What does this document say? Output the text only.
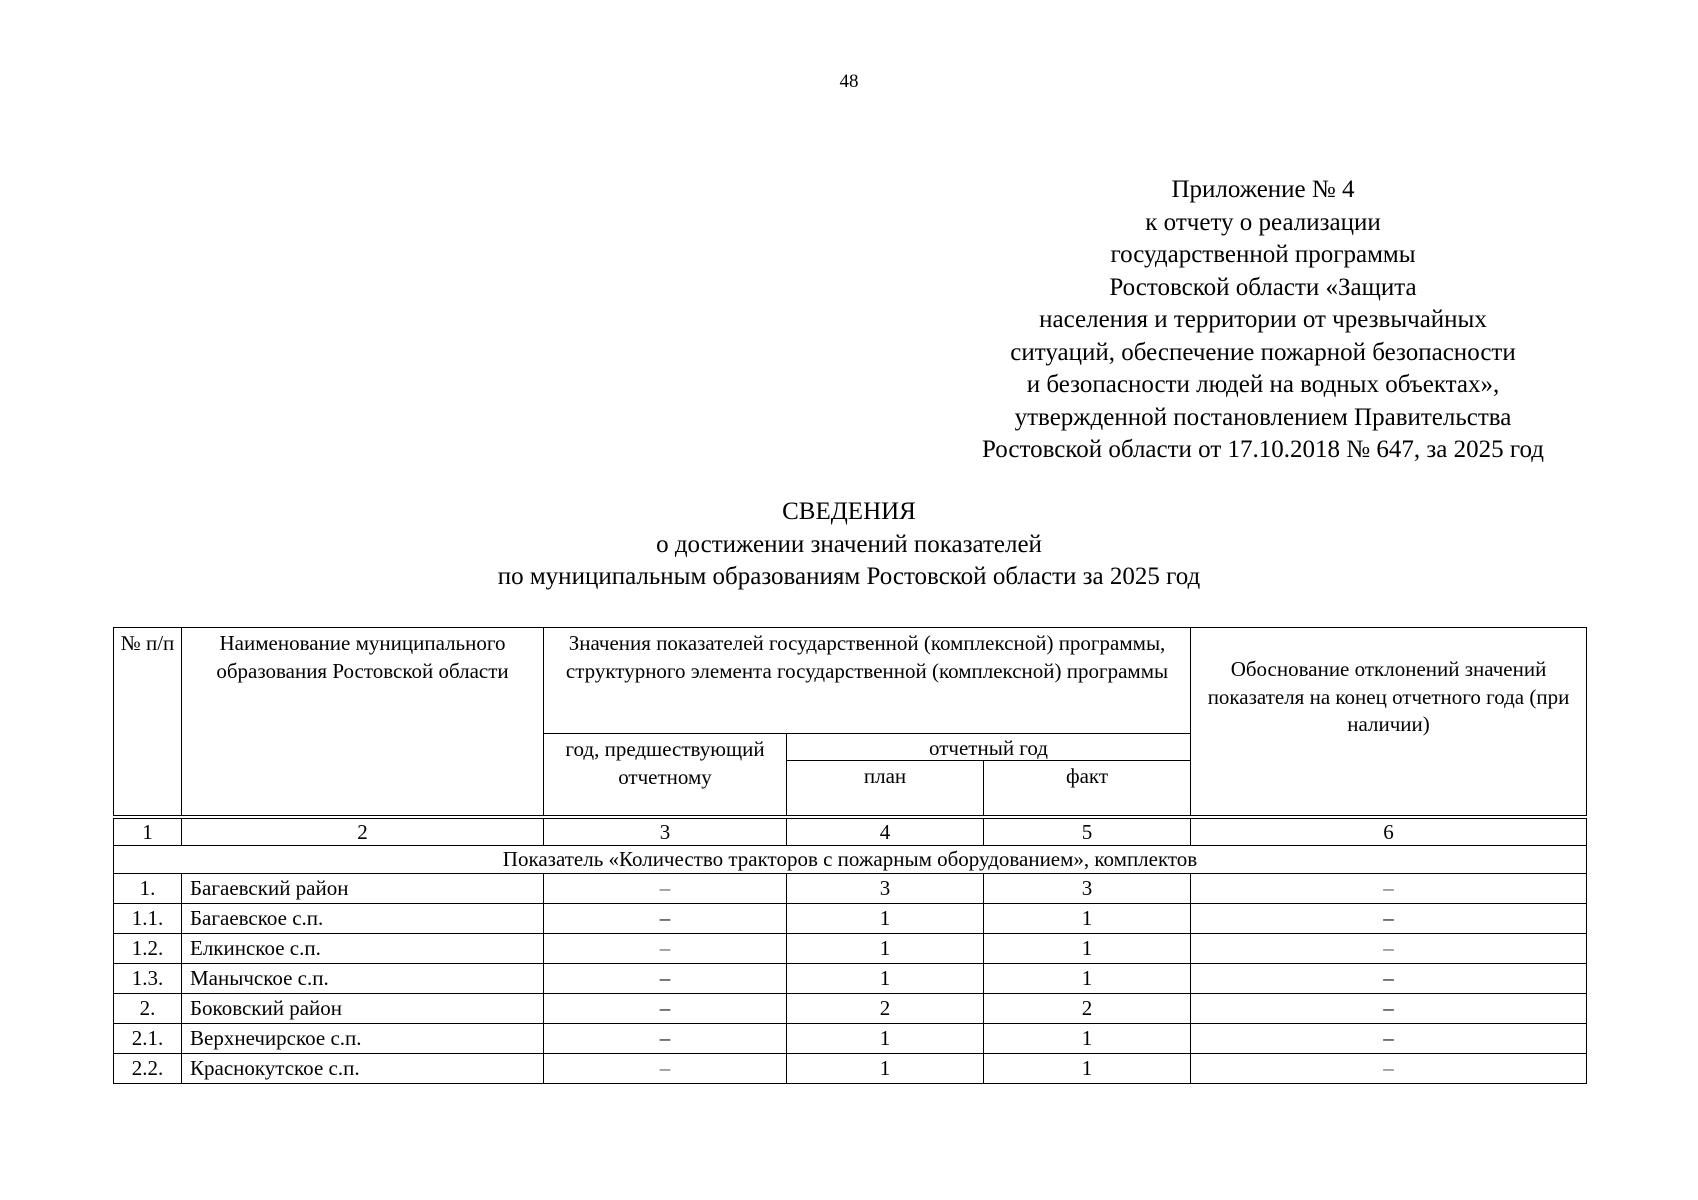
48
Приложение № 4
к отчету о реализации
государственной программы
Ростовской области «Защита
населения и территории от чрезвычайных
ситуаций, обеспечение пожарной безопасности
и безопасности людей на водных объектах»,
утвержденной постановлением Правительства
Ростовской области от 17.10.2018 № 647, за 2025 год
СВЕДЕНИЯ
о достижении значений показателей
по муниципальным образованиям Ростовской области за 2025 год
№ п/п	Наименование муниципального образования Ростовской области	Значения показателей государственной (комплексной) программы, структурного элемента государственной (комплексной) программы			Обоснование отклонений значений показателя на конец отчетного года (при наличии)
		год, предшествующий отчетному	отчетный год		
			план	факт	
1	2	3	4	5	6
Показатель «Количество тракторов с пожарным оборудованием», комплектов					
1.	Багаевский район	–	3	3	–
1.1.	Багаевское с.п.	–	1	1	–
1.2.	Елкинское с.п.	–	1	1	–
1.3.	Манычское с.п.	–	1	1	–
2.	Боковский район	–	2	2	–
2.1.	Верхнечирское с.п.	–	1	1	–
2.2.	Краснокутское с.п.	–	1	1	–
